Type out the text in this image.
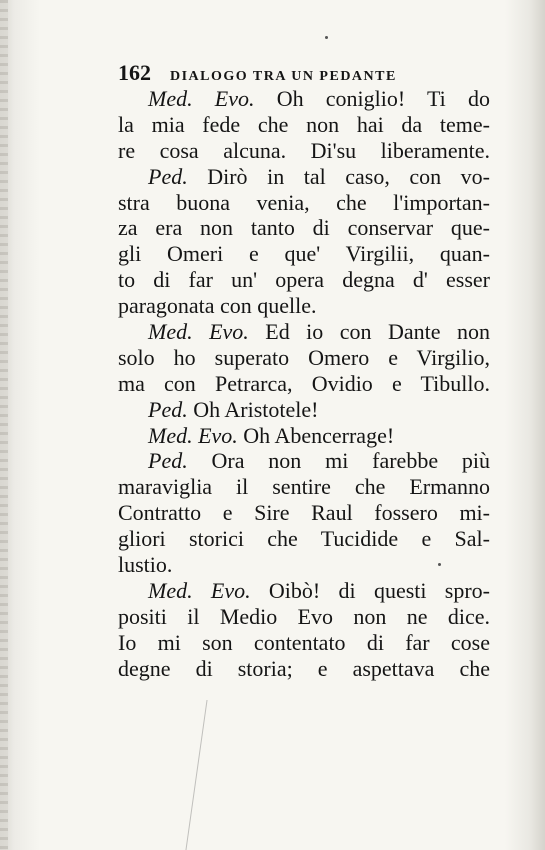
162 DIALOGO TRA UN PEDANTE
Med. Evo. Oh coniglio! Ti do
la mia fede che non hai da teme-
re cosa alcuna. Di'su liberamente.
Ped. Dirò in tal caso, con vo-
stra buona venia, che l'importan-
za era non tanto di conservar que-
gli Omeri e que' Virgilii, quan-
to di far un' opera degna d' esser
paragonata con quelle.
Med. Evo. Ed io con Dante non
solo ho superato Omero e Virgilio,
ma con Petrarca, Ovidio e Tibullo.
Ped. Oh Aristotele!
Med. Evo. Oh Abencerrage!
Ped. Ora non mi farebbe più
maraviglia il sentire che Ermanno
Contratto e Sire Raul fossero mi-
gliori storici che Tucidide e Sal-
lustio.
Med. Evo. Oibò! di questi spro-
positi il Medio Evo non ne dice.
Io mi son contentato di far cose
degne di storia; e aspettava che
